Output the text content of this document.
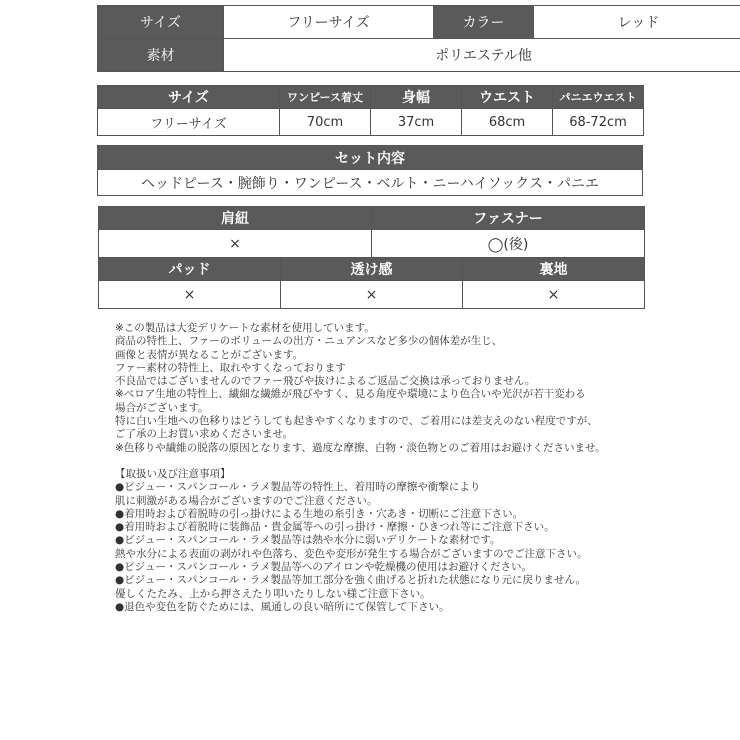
サイズ	フリーサイズ	カラー	レッド
素材	ポリエステル他		
サイズ	ワンピース着丈	身幅	ウエスト	パニエウエスト
フリーサイズ	70cm	37cm	68cm	68-72cm
セット内容
ヘッドピース・腕飾り・ワンピース・ベルト・ニーハイソックス・パニエ
肩紐	ファスナー
×	◯(後)
パッド	透け感	裏地
×	×	×

※この製品は大変デリケートな素材を使用しています。

商品の特性上、ファーのボリュームの出方・ニュアンスなど多少の個体差が生じ、

画像と表情が異なることがございます。

ファー素材の特性上、取れやすくなっております

不良品ではございませんのでファー飛びや抜けによるご返品ご交換は承っておりません。

※ベロア生地の特性上、繊細な繊維が飛びやすく、見る角度や環境により色合いや光沢が若干変わる

場合がございます。

特に白い生地への色移りはどうしても起きやすくなりますので、ご着用には差支えのない程度ですが、

ご了承の上お買い求めくださいませ。

※色移りや繊維の脱落の原因となります、過度な摩擦、白物・淡色物とのご着用はお避けくださいませ。

【取扱い及び注意事項】

●ビジュー・スパンコール・ラメ製品等の特性上、着用時の摩擦や衝撃により

肌に刺激がある場合がございますのでご注意ください。

●着用時および着脱時の引っ掛けによる生地の糸引き・穴あき・切断にご注意下さい。

●着用時および着脱時に装飾品・貴金属等への引っ掛け・摩擦・ひきつれ等にご注意下さい。

●ビジュー・スパンコール・ラメ製品等は熱や水分に弱いデリケートな素材です。

熱や水分による表面の剥がれや色落ち、変色や変形が発生する場合がございますのでご注意下さい。

●ビジュー・スパンコール・ラメ製品等へのアイロンや乾燥機の使用はお避けください。

●ビジュー・スパンコール・ラメ製品等加工部分を強く曲げると折れた状態になり元に戻りません。

優しくたたみ、上から押さえたり叩いたりしない様ご注意下さい。

●退色や変色を防ぐためには、風通しの良い暗所にて保管して下さい。
